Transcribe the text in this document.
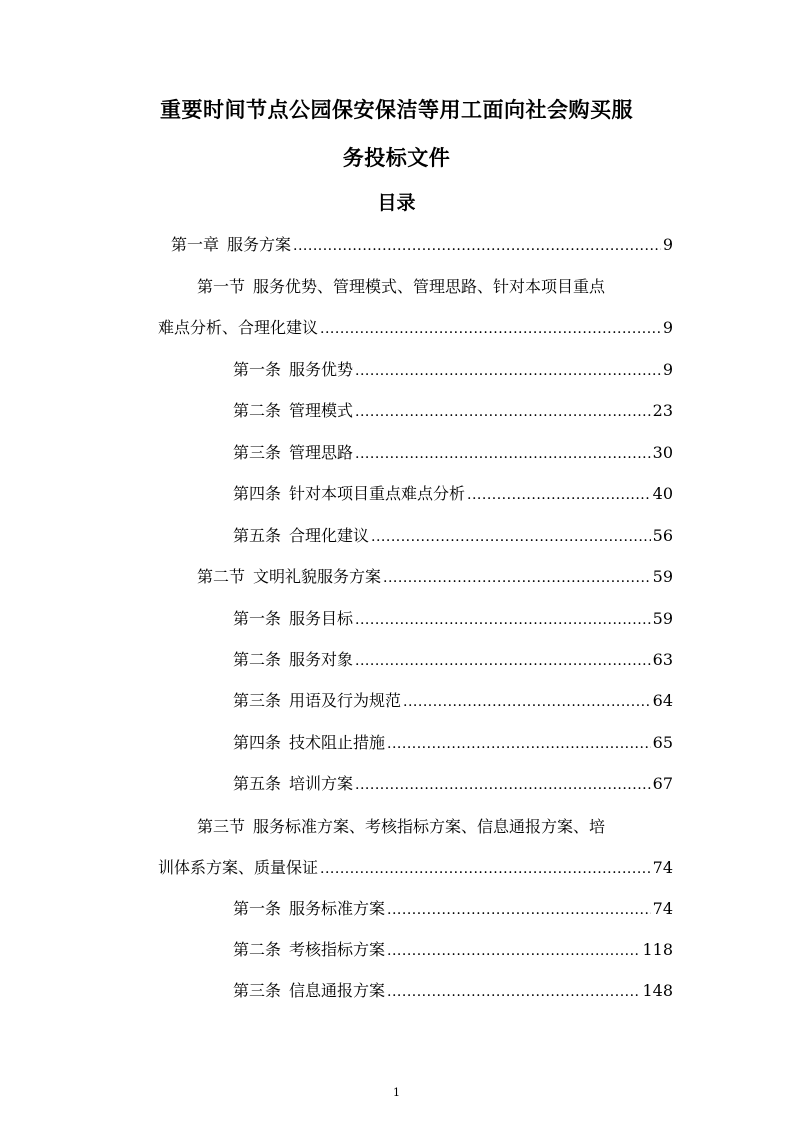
重要时间节点公园保安保洁等用工面向社会购买服
务投标文件
目录
第一章 服务方案 .....	9
第一节 服务优势、管理模式、管理思路、针对本项目重点
难点分析、合理化建议 .....	9
第一条 服务优势 .....	9
第二条 管理模式 .....	23
第三条 管理思路 .....	30
第四条 针对本项目重点难点分析 .....	40
第五条 合理化建议 .....	56
第二节 文明礼貌服务方案 .....	59
第一条 服务目标 .....	59
第二条 服务对象 .....	63
第三条 用语及行为规范 .....	64
第四条 技术阻止措施 .....	65
第五条 培训方案 .....	67
第三节 服务标准方案、考核指标方案、信息通报方案、培
训体系方案、质量保证 .....	74
第一条 服务标准方案 .....	74
第二条 考核指标方案 .....	118
第三条 信息通报方案 .....	148
1
